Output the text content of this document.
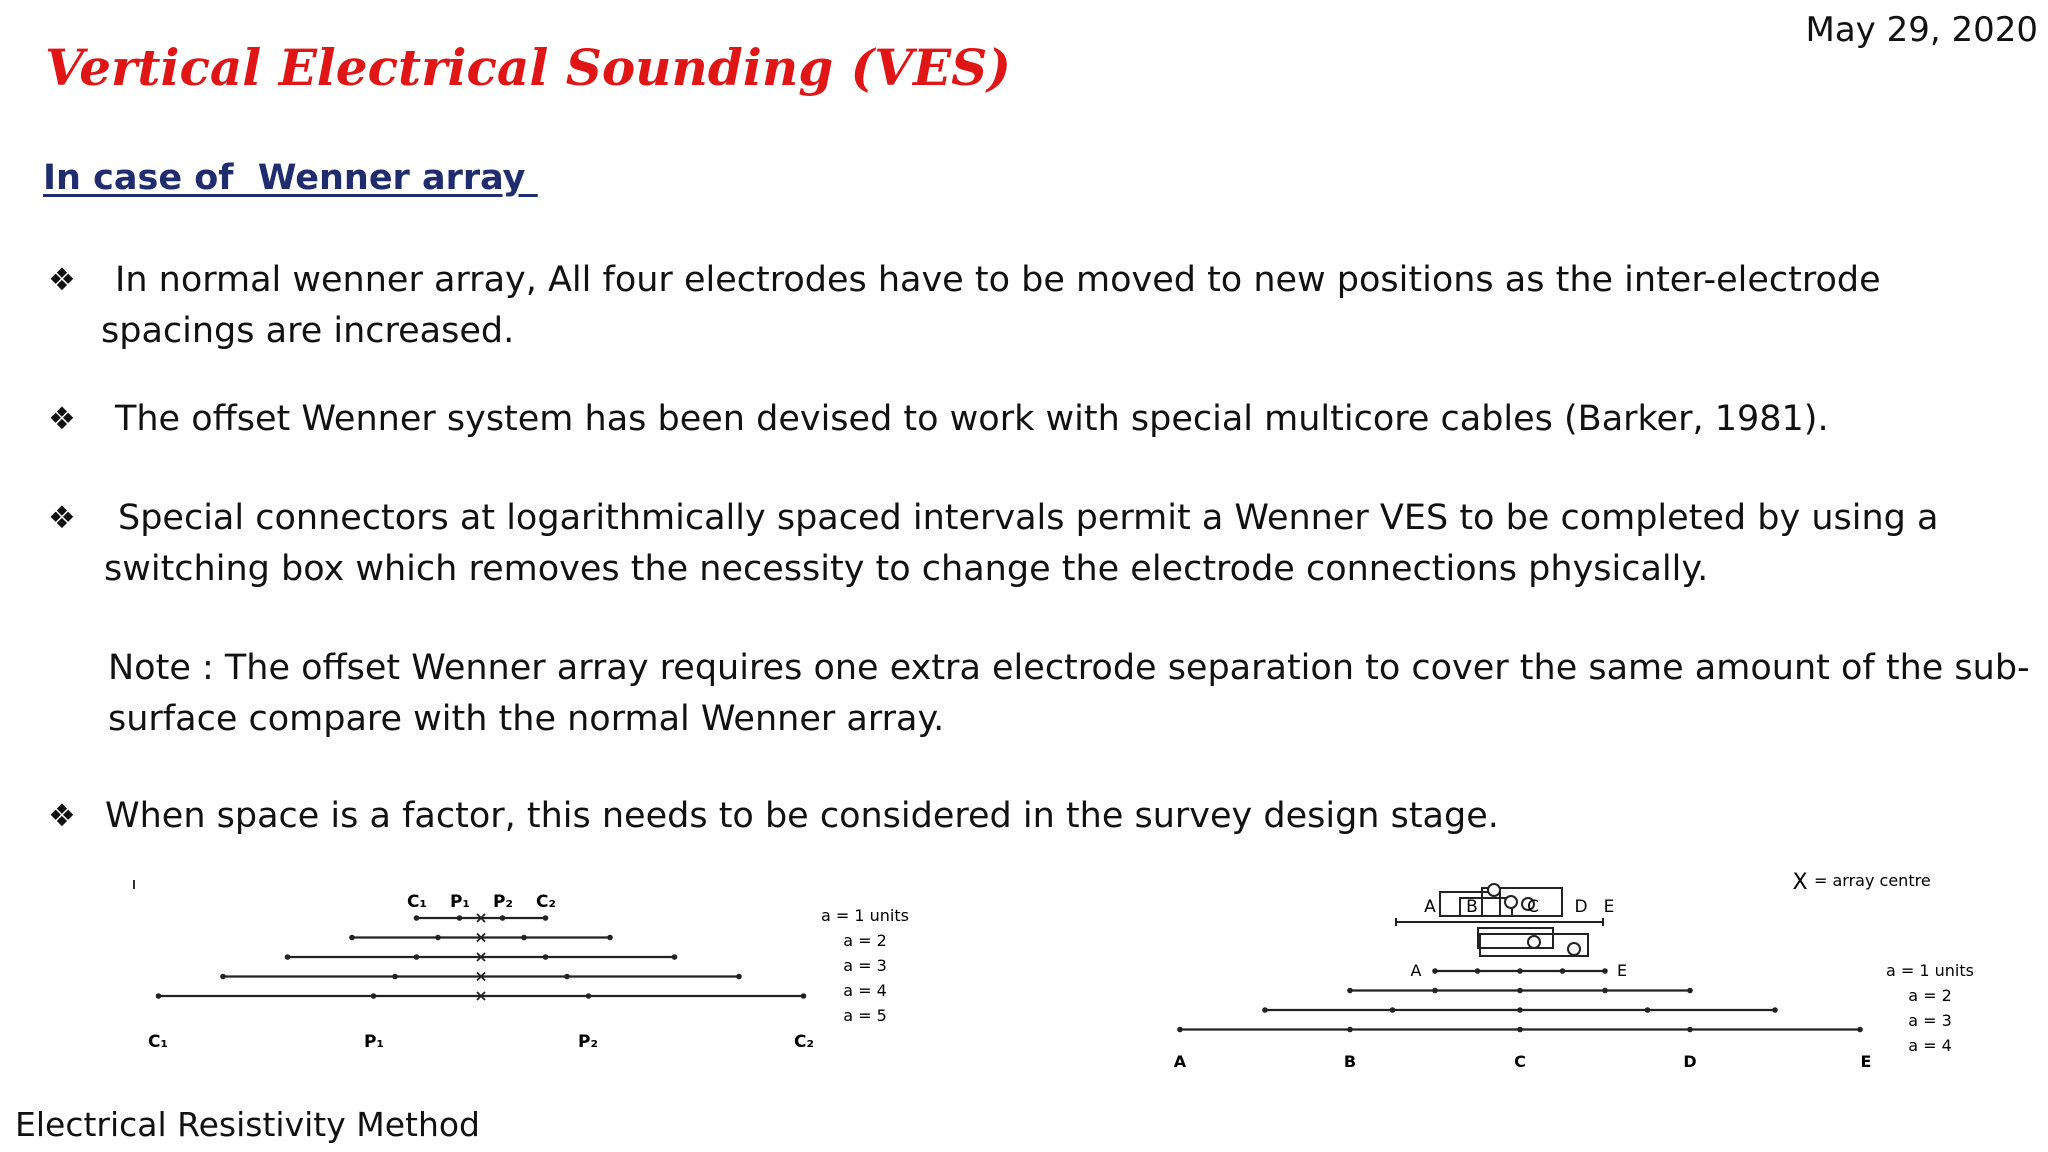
May 29, 2020
Vertical Electrical Sounding (VES)
In case of  Wenner array
❖	In normal wenner array, All four electrodes have to be moved to new positions as the inter-electrode
spacings are increased.
❖	The offset Wenner system has been devised to work with special multicore cables (Barker, 1981).
❖	Special connectors at logarithmically spaced intervals permit a Wenner VES to be completed by using a
switching box which removes the necessity to change the electrode connections physically.
Note : The offset Wenner array requires one extra electrode separation to cover the same amount of the sub-
surface compare with the normal Wenner array.
❖ When space is a factor, this needs to be considered in the survey design stage.
C₁ P₁ P₂ C₂
C₁	P₁	P₂	C₂
a = 1 units
a = 2
a = 3
a = 4
a = 5
X = array centre
A B	C D E
A	E
A	B	C	D	E
a = 1 units
a = 2
a = 3
a = 4
Electrical Resistivity Method
